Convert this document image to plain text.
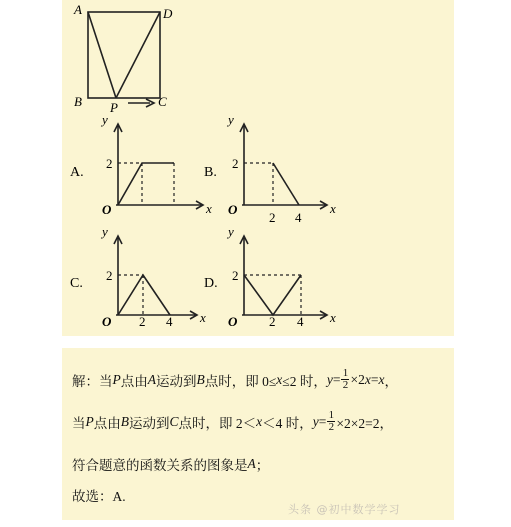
A	D
B P	C
A.
y
x
O
2
B.
y
x
O
2
2 4
C.
y
x
O
2
2 4
D.
y
x
O
2
2 4
解：当 P 点由 A 运动到 B 点时，即 0≤ x ≤2 时， $y = \frac{1}{2} \times 2$ x = x ，
当 P 点由 B 运动到 C 点时，即 2＜ x ＜4 时， $y = \frac{1}{2} \times 2\times 2=2$，
符合题意的函数关系的图象是 A ；
故选：A.
头条 @初中数学学习
